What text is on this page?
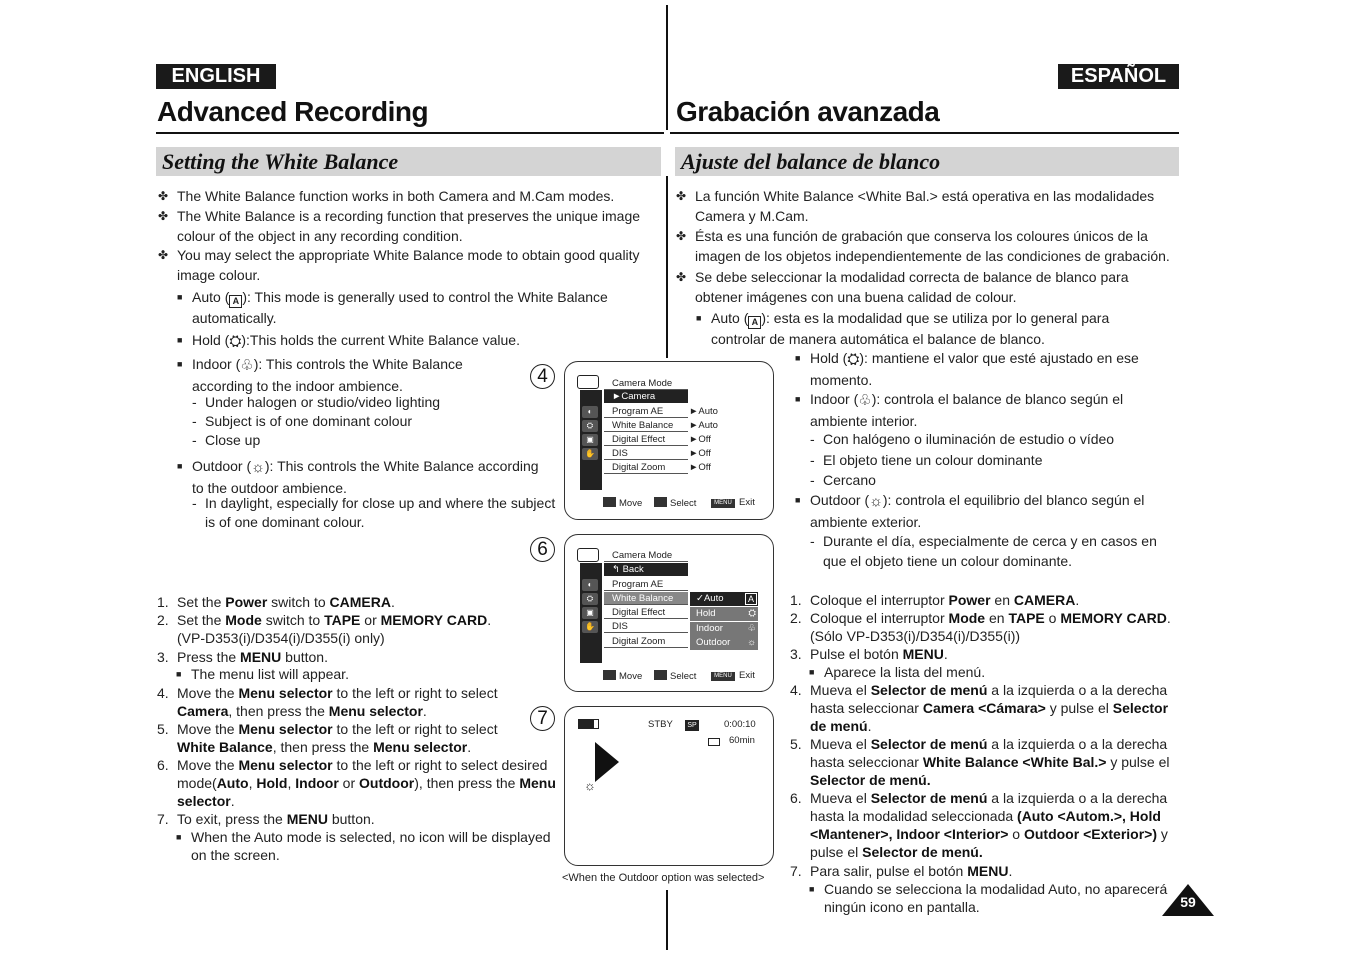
ENGLISH	ESPAÑOL
Advanced Recording	Grabación avanzada
Setting the White Balance	Ajuste del balance de blanco
✤ The White Balance function works in both Camera and M.Cam modes.
✤ The White Balance is a recording function that preserves the unique image
colour of the object in any recording condition.
✤ You may select the appropriate White Balance mode to obtain good quality
image colour.
■ Auto ( A ): This mode is generally used to control the White Balance
automatically.
■ Hold (⛭):This holds the current White Balance value.
■ Indoor (♧): This controls the White Balance
according to the indoor ambience.
- Under halogen or studio/video lighting
- Subject is of one dominant colour
- Close up
■ Outdoor (☼): This controls the White Balance according
to the outdoor ambience.
- In daylight, especially for close up and where the subject
is of one dominant colour.
1. Set the Power switch to CAMERA.
2. Set the Mode switch to TAPE or MEMORY CARD.
(VP-D353(i)/D354(i)/D355(i) only)
3. Press the MENU button.
■ The menu list will appear.
4. Move the Menu selector to the left or right to select
Camera, then press the Menu selector.
5. Move the Menu selector to the left or right to select
White Balance, then press the Menu selector.
6. Move the Menu selector to the left or right to select desired
mode(Auto, Hold, Indoor or Outdoor), then press the Menu
selector.
7. To exit, press the MENU button.
■ When the Auto mode is selected, no icon will be displayed
on the screen.
4	Camera Mode
►Camera
◐
⛭
▣
✋
Program AE
White Balance
Digital Effect
DIS
Digital Zoom
►Auto
►Auto
►Off
►Off
►Off
Move	Select	MENU Exit
6	Camera Mode
↰ Back
◐
⛭
▣
✋
Program AE
White Balance
Digital Effect
DIS
Digital Zoom
✓Auto	A
Hold	⛭
Indoor	♧
Outdoor ☼
Move	Select	MENU Exit
7	STBY	SP	0:00:10
60min
☼
<When the Outdoor option was selected>
✤ La función White Balance <White Bal.> está operativa en las modalidades
Camera y M.Cam.
✤ Ésta es una función de grabación que conserva los coloures únicos de la
imagen de los objetos independientemente de las condiciones de grabación.
✤ Se debe seleccionar la modalidad correcta de balance de blanco para
obtener imágenes con una buena calidad de colour.
■ Auto ( A ): esta es la modalidad que se utiliza por lo general para
controlar de manera automática el balance de blanco.
■ Hold (⛭): mantiene el valor que esté ajustado en ese
momento.
■ Indoor (♧): controla el balance de blanco según el
ambiente interior.
- Con halógeno o iluminación de estudio o vídeo
- El objeto tiene un colour dominante
- Cercano
■ Outdoor (☼): controla el equilibrio del blanco según el
ambiente exterior.
- Durante el día, especialmente de cerca y en casos en
que el objeto tiene un colour dominante.
1. Coloque el interruptor Power en CAMERA.
2. Coloque el interruptor Mode en TAPE o MEMORY CARD.
(Sólo VP-D353(i)/D354(i)/D355(i))
3. Pulse el botón MENU.
■ Aparece la lista del menú.
4. Mueva el Selector de menú a la izquierda o a la derecha
hasta seleccionar Camera <Cámara> y pulse el Selector
de menú.
5. Mueva el Selector de menú a la izquierda o a la derecha
hasta seleccionar White Balance <White Bal.> y pulse el
Selector de menú.
6. Mueva el Selector de menú a la izquierda o a la derecha
hasta la modalidad seleccionada (Auto <Autom.>, Hold
<Mantener>, Indoor <Interior> o Outdoor <Exterior>) y
pulse el Selector de menú.
7. Para salir, pulse el botón MENU.
■ Cuando se selecciona la modalidad Auto, no aparecerá
ningún icono en pantalla.	59
